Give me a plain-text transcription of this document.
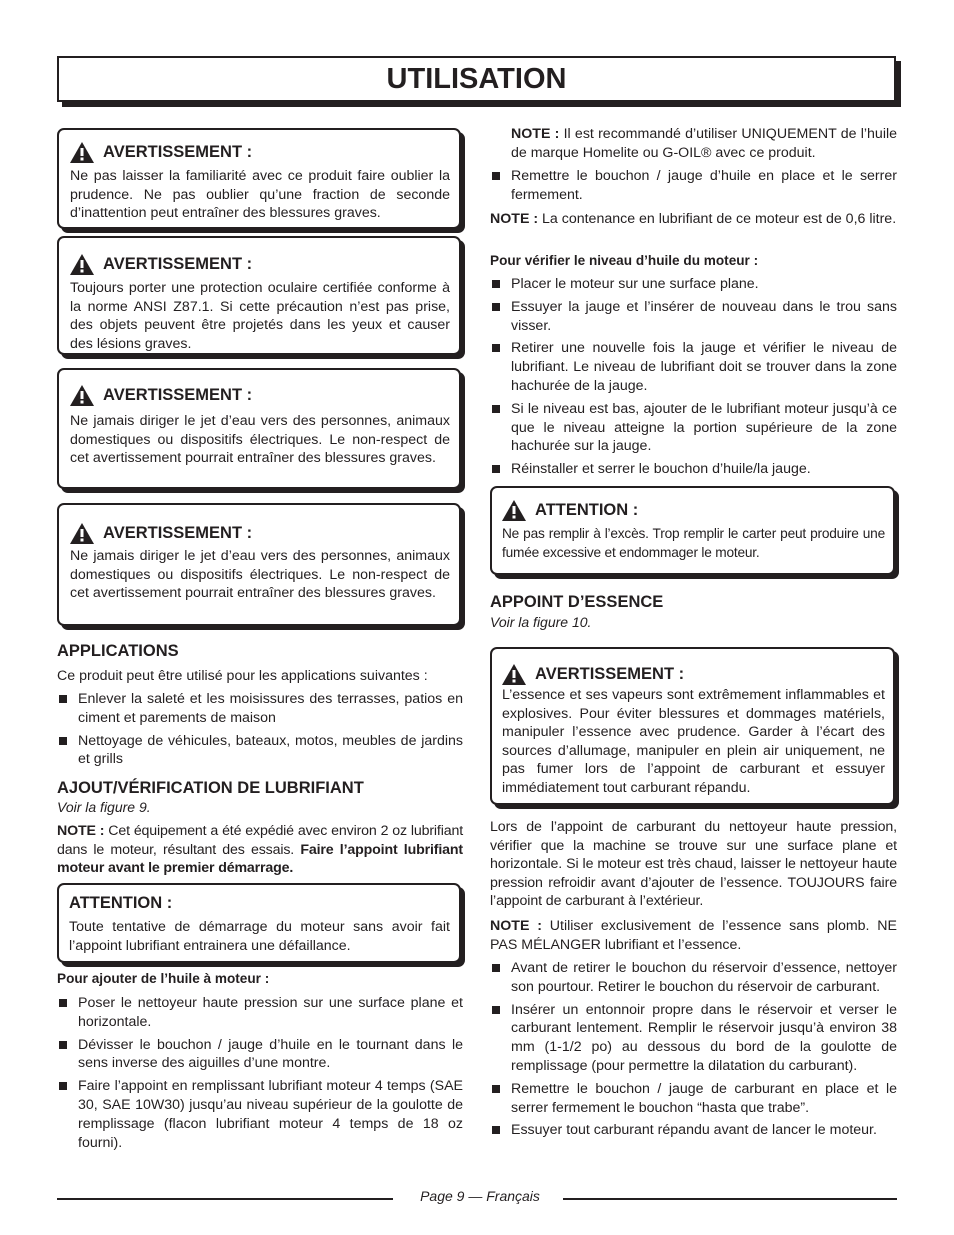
UTILISATION
AVERTISSEMENT :

Ne pas laisser la familiarité avec ce produit faire oublier la prudence. Ne pas oublier qu’une fraction de seconde d’inattention peut entraîner des blessures graves.

AVERTISSEMENT :

Toujours porter une protection oculaire certifiée conforme à la norme ANSI Z87.1. Si cette précaution n’est pas prise, des objets peuvent être projetés dans les yeux et causer des lésions graves.

AVERTISSEMENT :

Ne jamais diriger le jet d’eau vers des personnes, animaux domestiques ou dispositifs électriques. Le non-respect de cet avertissement pourrait entraîner des blessures graves.

AVERTISSEMENT :

Ne jamais diriger le jet d’eau vers des personnes, animaux domestiques ou dispositifs électriques. Le non-respect de cet avertissement pourrait entraîner des blessures graves.

APPLICATIONS
Ce produit peut être utilisé pour les applications suivantes :
Enlever la saleté et les moisissures des terrasses, patios en ciment et parements de maison
Nettoyage de véhicules, bateaux, motos, meubles de jardins et grills
AJOUT/VÉRIFICATION DE LUBRIFIANT
Voir la figure 9.
NOTE : Cet équipement a été expédié avec environ 2 oz lubrifiant dans le moteur, résultant des essais. Faire l’appoint lubrifiant moteur avant le premier démarrage.
ATTENTION :

Toute tentative de démarrage du moteur sans avoir fait l’appoint lubrifiant entrainera une défaillance.

Pour ajouter de l’huile à moteur :
Poser le nettoyeur haute pression sur une surface plane et horizontale.
Dévisser le bouchon / jauge d’huile en le tournant dans le sens inverse des aiguilles d’une montre.
Faire l’appoint en remplissant lubrifiant moteur 4 temps (SAE 30, SAE 10W30) jusqu’au niveau supérieur de la goulotte de remplissage (flacon lubrifiant moteur 4 temps de 18 oz fourni).
NOTE : Il est recommandé d’utiliser UNIQUEMENT de l’huile de marque Homelite ou G-OIL® avec ce produit.
Remettre le bouchon / jauge d’huile en place et le serrer fermement.
NOTE : La contenance en lubrifiant de ce moteur est de 0,6 litre.
Pour vérifier le niveau d’huile du moteur :
Placer le moteur sur une surface plane.
Essuyer la jauge et l’insérer de nouveau dans le trou sans visser.
Retirer une nouvelle fois la jauge et vérifier le niveau de lubrifiant. Le niveau de lubrifiant doit se trouver dans la zone hachurée de la jauge.
Si le niveau est bas, ajouter de le lubrifiant moteur jusqu’à ce que le niveau atteigne la portion supérieure de la zone hachurée sur la jauge.
Réinstaller et serrer le bouchon d’huile/la jauge.
ATTENTION :

Ne pas remplir à l’excès. Trop remplir le carter peut produire une fumée excessive et endommager le moteur.

APPOINT D’ESSENCE
Voir la figure 10.
AVERTISSEMENT :

L’essence et ses vapeurs sont extrêmement inflammables et explosives. Pour éviter blessures et dommages matériels, manipuler l’essence avec prudence. Garder à l’écart des sources d’allumage, manipuler en plein air uniquement, ne pas fumer lors de l’appoint de carburant et essuyer immédiatement tout carburant répandu.

Lors de l’appoint de carburant du nettoyeur haute pression, vérifier que la machine se trouve sur une surface plane et horizontale. Si le moteur est très chaud, laisser le nettoyeur haute pression refroidir avant d’ajouter de l’essence. TOUJOURS faire l’appoint de carburant à l’extérieur.
NOTE : Utiliser exclusivement de l’essence sans plomb. NE PAS MÉLANGER lubrifiant et l’essence.
Avant de retirer le bouchon du réservoir d’essence, nettoyer son pourtour. Retirer le bouchon du réservoir de carburant.
Insérer un entonnoir propre dans le réservoir et verser le carburant lentement. Remplir le réservoir jusqu’à environ 38 mm (1-1/2 po) au dessous du bord de la goulotte de remplissage (pour permettre la dilatation du carburant).
Remettre le bouchon / jauge de carburant en place et le serrer fermement le bouchon “hasta que trabe”.
Essuyer tout carburant répandu avant de lancer le moteur.
Page 9 — Français
